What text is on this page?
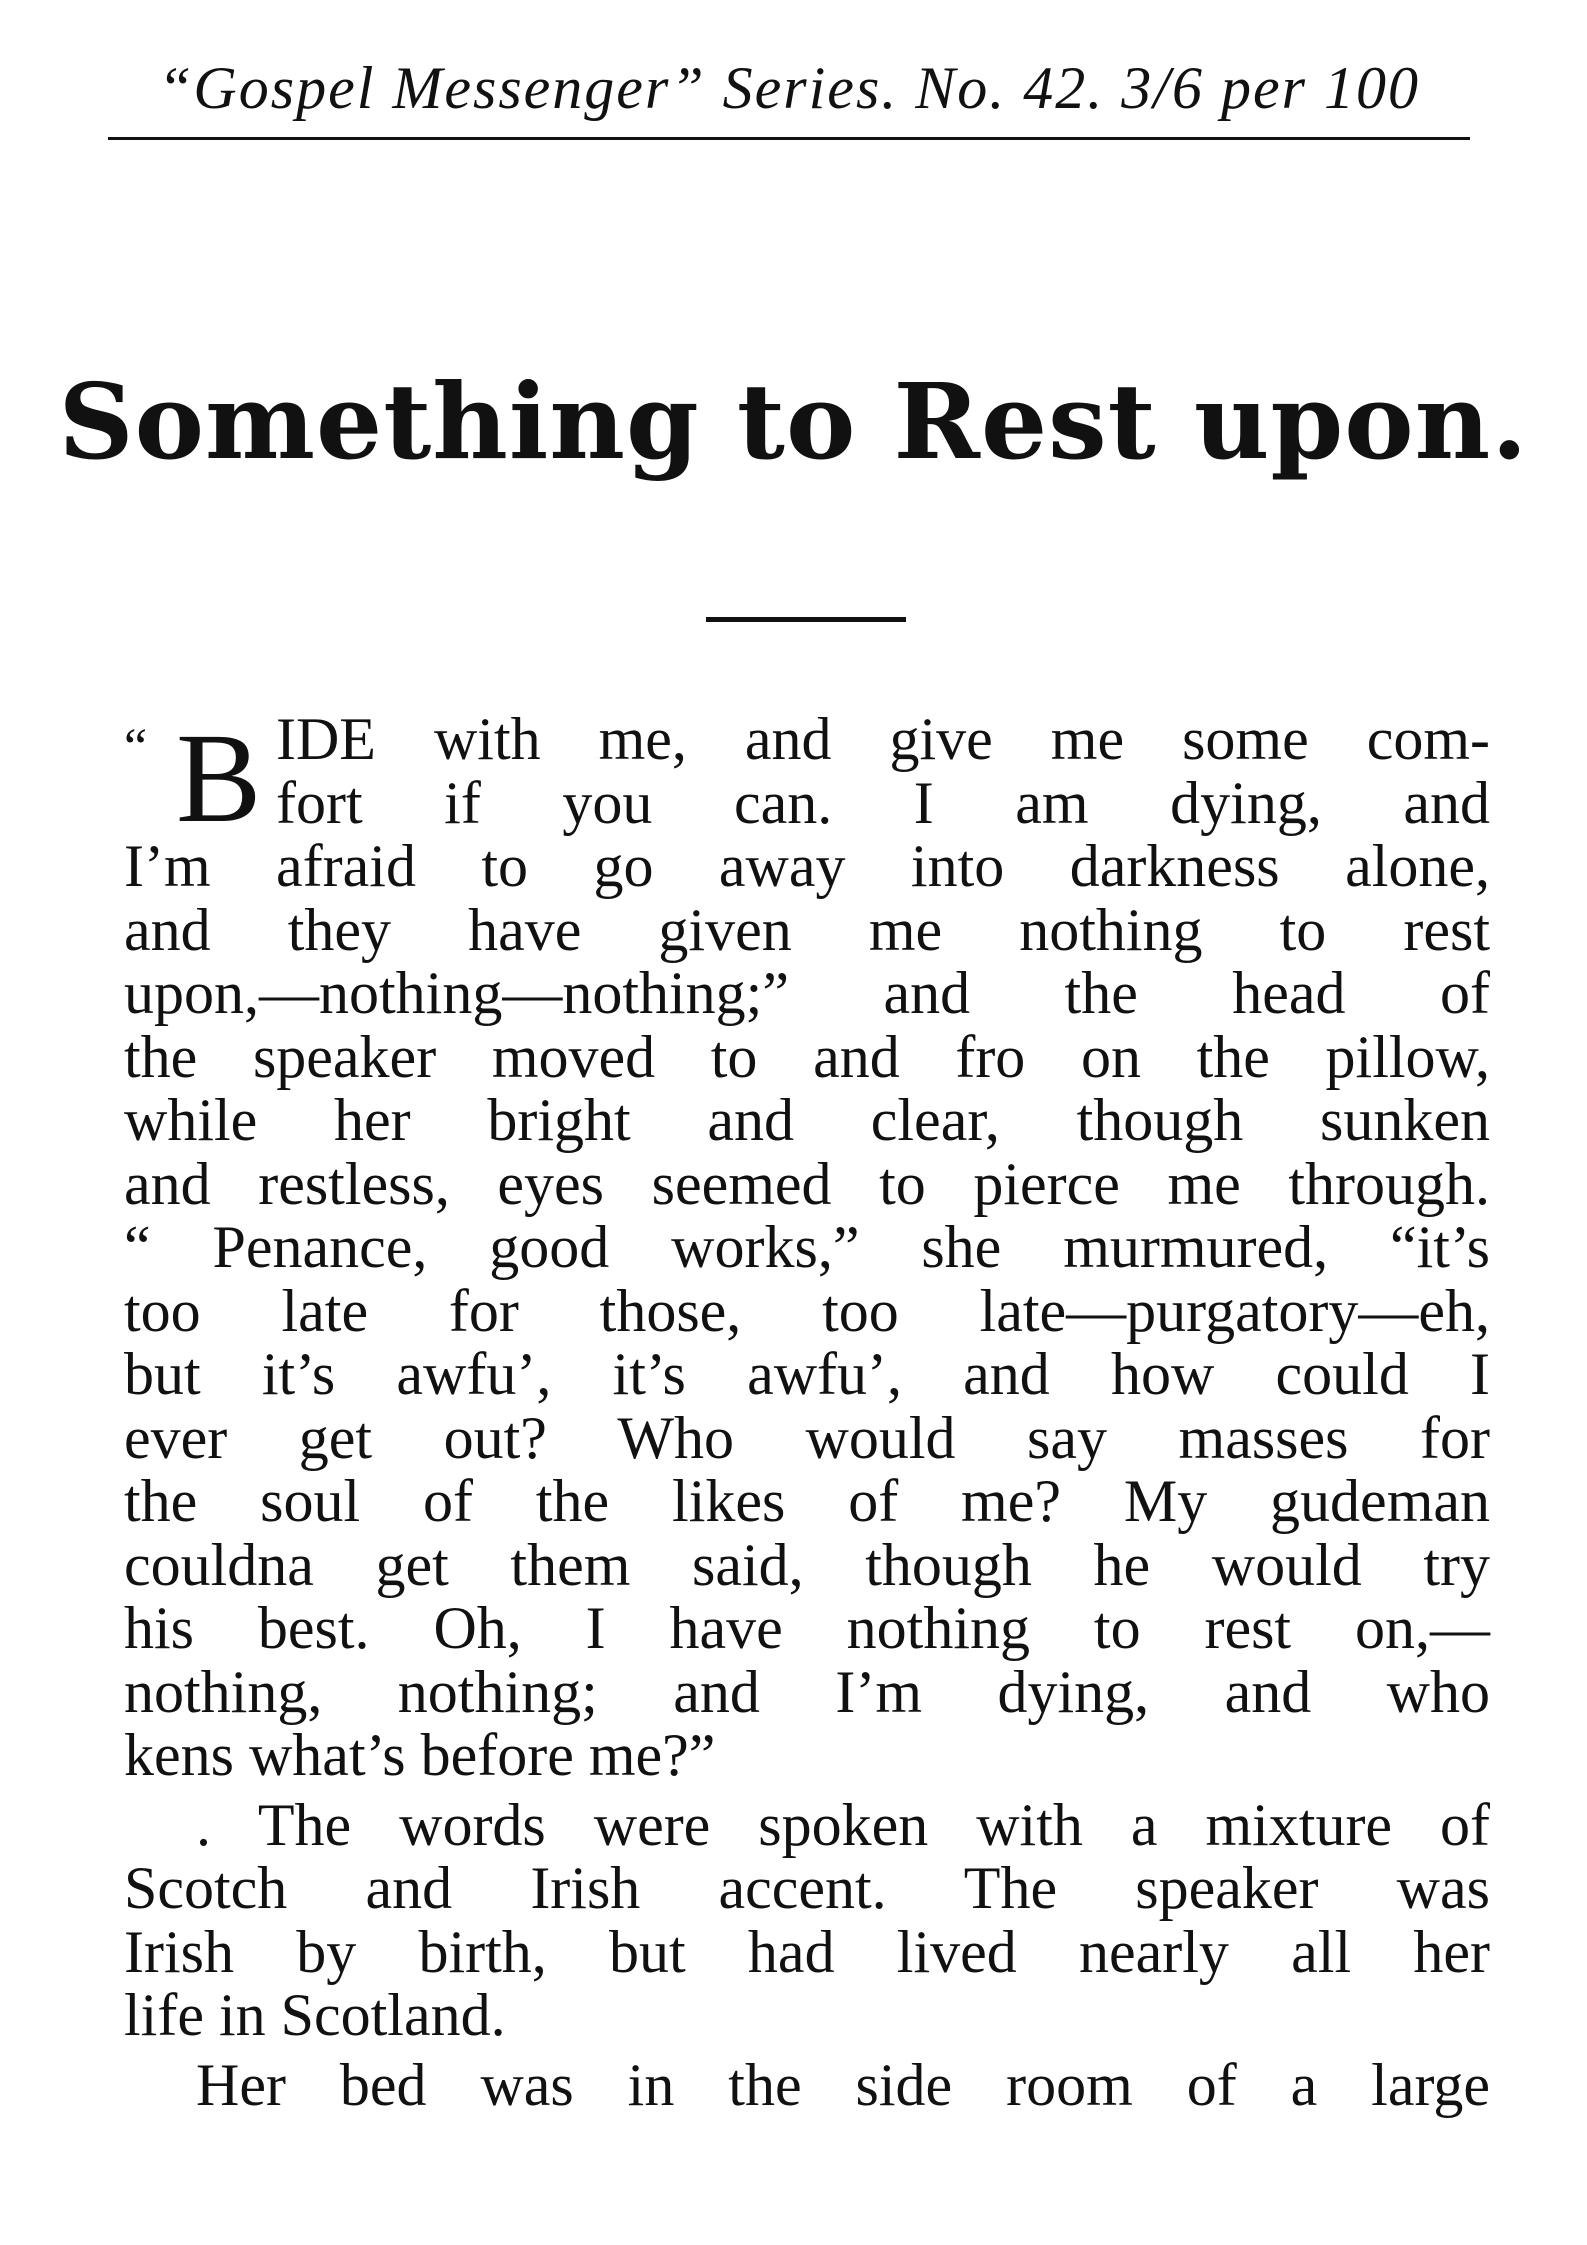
“Gospel Messenger” Series. No. 42. 3/6 per 100
Something to Rest upon.
“ B IDE with me, and give me some com-
fort if you can. I am dying, and
I’m afraid to go away into darkness alone,
and they have given me nothing to rest
upon,—nothing—nothing;” and the head of
the speaker moved to and fro on the pillow,
while her bright and clear, though sunken
and restless, eyes seemed to pierce me through.
“ Penance, good works,” she murmured, “it’s
too late for those, too late—purgatory—eh,
but it’s awfu’, it’s awfu’, and how could I
ever get out? Who would say masses for
the soul of the likes of me? My gudeman
couldna get them said, though he would try
his best. Oh, I have nothing to rest on,—
nothing, nothing; and I’m dying, and who
kens what’s before me?”
. The words were spoken with a mixture of
Scotch and Irish accent. The speaker was
Irish by birth, but had lived nearly all her
life in Scotland.
Her bed was in the side room of a large
